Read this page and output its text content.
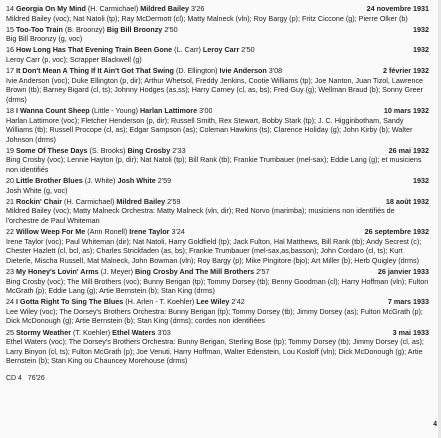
14 Georgia On My Mind (H. Carmichael) Mildred Bailey 3'26	24 novembre 1931
Mildred Bailey (voc); Nat Natoli (tp); Ray McDermott (cl); Matty Malneck (vln); Roy Bargy (p); Fritz Ciccone (g); Pierre Olker (b)
15 Too-Too Train (B. Broonzy) Big Bill Broonzy 2'50	1932
Big Bill Broonzy (g, voc)
16 How Long Has That Evening Train Been Gone (L. Carr) Leroy Carr 2'50	1932
Leroy Carr (p, voc); Scrapper Blackwell (g)
17 It Don't Mean A Thing If It Ain't Got That Swing (D. Ellington) Ivie Anderson 3'08	2 février 1932
Ivie Anderson (voc); Duke Ellington (p, dir); Arthur Whetsol, Freddy Jenkins, Cootie Williams (tp); Joe Nanton, Juan Tizol, Lawrence Brown (tb); Barney Bigard (cl, ts); Johnny Hodges (as,ss); Harry Carney (cl, as, bs); Fred Guy (g); Wellman Braud (b); Sonny Greer (drms)
18 I Wanna Count Sheep (Little - Young) Harlan Lattimore 3'00	10 mars 1932
Harlan Lattimore (voc); Fletcher Henderson (p, dir); Russell Smith, Rex Stewart, Bobby Stark (tp); J. C. Higginbotham, Sandy Williams (tb); Russell Procope (cl, as); Edgar Sampson (as); Coleman Hawkins (ts); Clarence Holiday (g); John Kirby (b); Walter Johnson (drms)
19 Some Of These Days (S. Brooks) Bing Crosby 2'33	26 mai 1932
Bing Crosby (voc); Lennie Hayton (p, dir); Nat Natoli (tp); Bill Rank (tb); Frankie Trumbauer (mel-sax); Eddie Lang (g); et musiciens non identifiés
20 Little Brother Blues (J. White) Josh White 2'59	1932
Josh White (g, voc)
21 Rockin' Chair (H. Carmichael) Mildred Bailey 2'59	18 août 1932
Mildred Bailey (voc); Matty Malneck Orchestra: Matty Malneck (vln, dir); Red Norvo (marimba); musiciens non identifiés de l'orchestre de Paul Whiteman
22 Willow Weep For Me (Ann Ronell) Irene Taylor 3'24	26 septembre 1932
Irene Taylor (voc); Paul Whiteman (dir); Nat Natoli, Harry Goldfield (tp); Jack Fulton, Hal Matthews, Bill Rank (tb); Andy Secrest (c); Chester Hazlett (cl, bcl, as); Charles Strickfaden (as, bs); Frankie Trumbauer (mel-sax,as,basson); John Cordaro (cl, ts); Kurt Dieterle, Mischa Russell, Mat Malneck, John Bowman (vln); Roy Bargy (p); Mike Pingitore (bjo); Art Miller (b); Herb Quigley (drms)
23 My Honey's Lovin' Arms (J. Meyer) Bing Crosby And The Mill Brothers 2'57	26 janvier 1933
Bing Crosby (voc); The Mill Brothers (voc); Bunny Berigan (tp); Tommy Dorsey (tb); Benny Goodman (cl); Harry Hoffman (vln); Fulton McGrath (p); Eddie Lang (g); Artie Bernstein (b); Stan King (drms)
24 I Gotta Right To Sing The Blues (H. Arlen - T. Koehler) Lee Wiley 2'42	7 mars 1933
Lee Wiley (voc); The Dorsey's Brothers Orchestra: Bunny Berigan (tp); Tommy Dorsey (tb); Jimmy Dorsey (as); Fulton McGrath (p); Dick McDonough (g); Artie Bernstein (b); Stan King (drms); cordes non identifiées
25 Stormy Weather (T. Koehler) Ethel Waters 3'03	3 mai 1933
Ethel Waters (voc); The Dorsey's Brothers Orchestra: Bunny Berigan, Sterling Bose (tp); Tommy Dorsey (tb); Jimmy Dorsey (cl, as); Larry Binyon (cl, ts); Fulton McGrath (p); Joe Venuti, Harry Hoffman, Walter Edenstein, Lou Kosloff (vln); Dick McDonough (g); Artie Bernstein (b); Stan King ou Chauncey Morehouse (drms)
CD 4 76'26
4
